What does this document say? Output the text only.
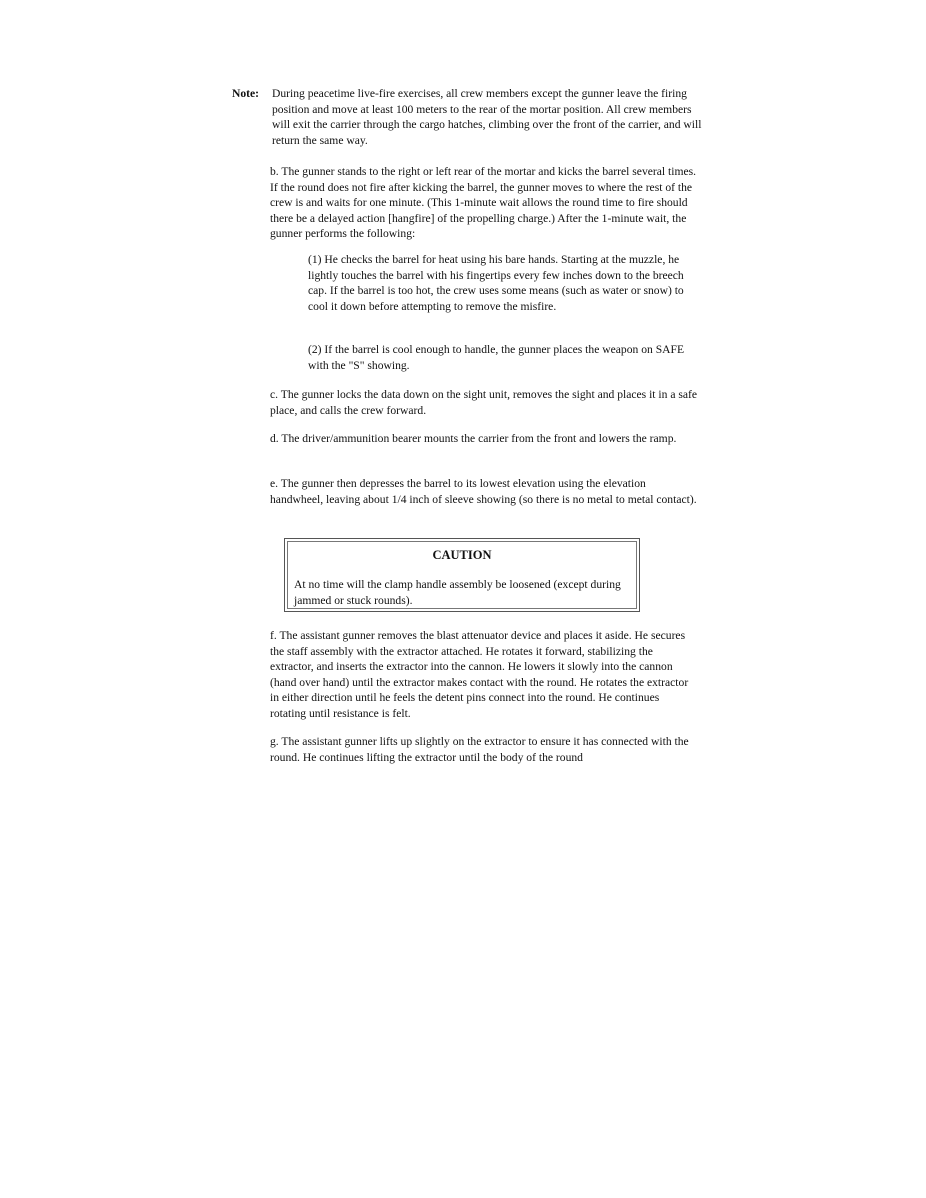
Note: During peacetime live-fire exercises, all crew members except the gunner leave the firing position and move at least 100 meters to the rear of the mortar position. All crew members will exit the carrier through the cargo hatches, climbing over the front of the carrier, and will return the same way.

b. The gunner stands to the right or left rear of the mortar and kicks the barrel several times. If the round does not fire after kicking the barrel, the gunner moves to where the rest of the crew is and waits for one minute. (This 1-minute wait allows the round time to fire should there be a delayed action [hangfire] of the propelling charge.) After the 1-minute wait, the gunner performs the following:

(1) He checks the barrel for heat using his bare hands. Starting at the muzzle, he lightly touches the barrel with his fingertips every few inches down to the breech cap. If the barrel is too hot, the crew uses some means (such as water or snow) to cool it down before attempting to remove the misfire.

(2) If the barrel is cool enough to handle, the gunner places the weapon on SAFE with the "S" showing.

c. The gunner locks the data down on the sight unit, removes the sight and places it in a safe place, and calls the crew forward.

d. The driver/ammunition bearer mounts the carrier from the front and lowers the ramp.

e. The gunner then depresses the barrel to its lowest elevation using the elevation handwheel, leaving about 1/4 inch of sleeve showing (so there is no metal to metal contact).

CAUTION
At no time will the clamp handle assembly be loosened (except during jammed or stuck rounds).

f. The assistant gunner removes the blast attenuator device and places it aside. He secures the staff assembly with the extractor attached. He rotates it forward, stabilizing the extractor, and inserts the extractor into the cannon. He lowers it slowly into the cannon (hand over hand) until the extractor makes contact with the round. He rotates the extractor in either direction until he feels the detent pins connect into the round. He continues rotating until resistance is felt.

g. The assistant gunner lifts up slightly on the extractor to ensure it has connected with the round. He continues lifting the extractor until the body of the round
